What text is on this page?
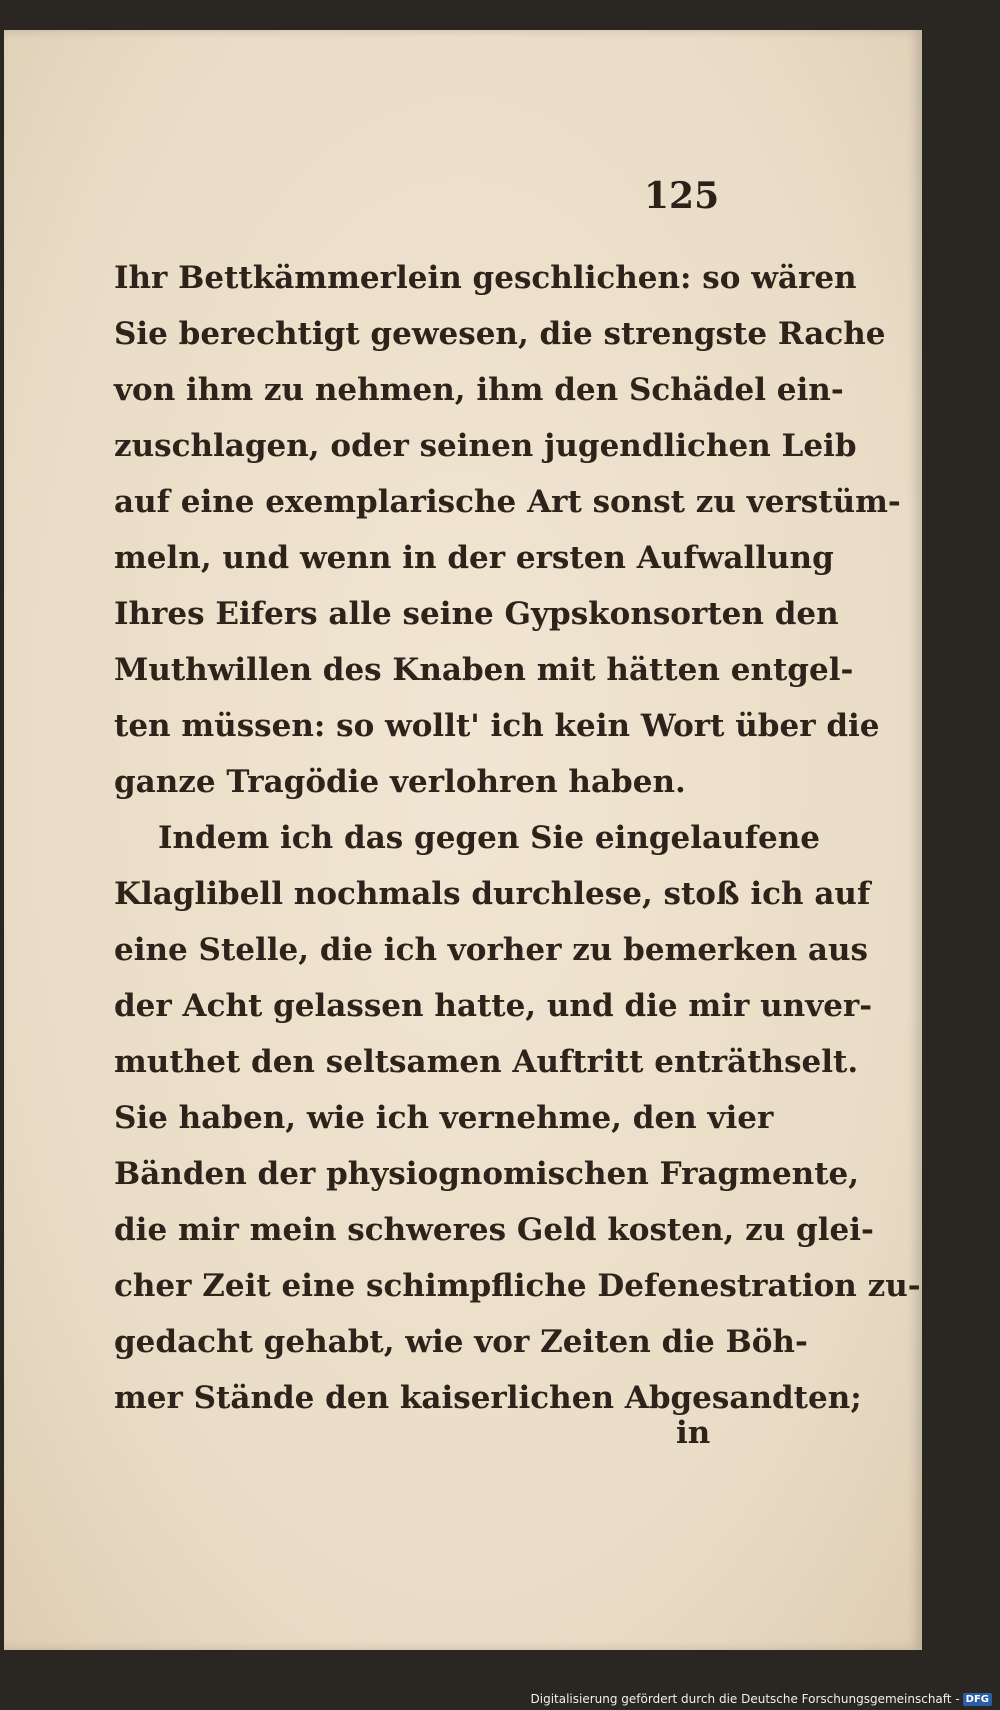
125
Ihr Bettkämmerlein geschlichen: so wären
Sie berechtigt gewesen, die strengste Rache
von ihm zu nehmen, ihm den Schädel ein-
zuschlagen, oder seinen jugendlichen Leib
auf eine exemplarische Art sonst zu verstüm-
meln, und wenn in der ersten Aufwallung
Ihres Eifers alle seine Gypskonsorten den
Muthwillen des Knaben mit hätten entgel-
ten müssen: so wollt' ich kein Wort über die
ganze Tragödie verlohren haben.
Indem ich das gegen Sie eingelaufene
Klaglibell nochmals durchlese, stoß ich auf
eine Stelle, die ich vorher zu bemerken aus
der Acht gelassen hatte, und die mir unver-
muthet den seltsamen Auftritt enträthselt.
Sie haben, wie ich vernehme, den vier
Bänden der physiognomischen Fragmente,
die mir mein schweres Geld kosten, zu glei-
cher Zeit eine schimpfliche Defenestration zu-
gedacht gehabt, wie vor Zeiten die Böh-
mer Stände den kaiserlichen Abgesandten;
in
Digitalisierung gefördert durch die Deutsche Forschungsgemeinschaft - DFG
